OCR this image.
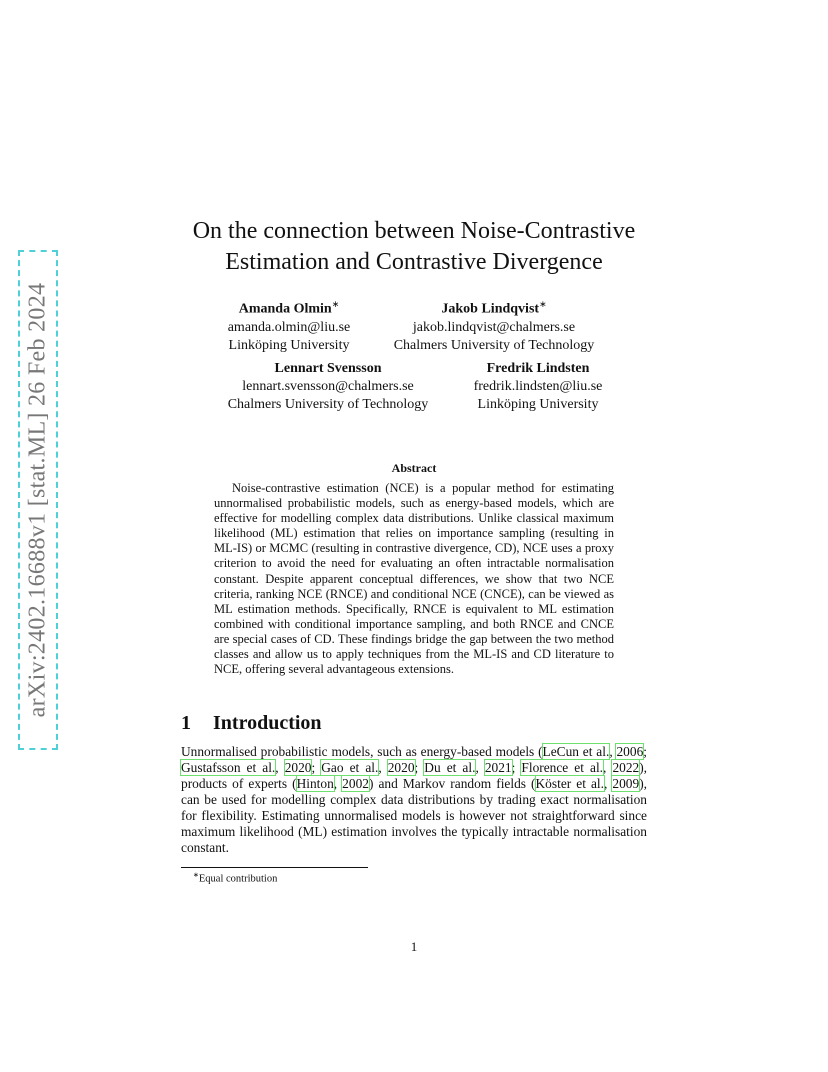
arXiv:2402.16688v1 [stat.ML] 26 Feb 2024
On the connection between Noise-Contrastive
Estimation and Contrastive Divergence
Amanda Olmin∗
amanda.olmin@liu.se
Linköping University
Jakob Lindqvist∗
jakob.lindqvist@chalmers.se
Chalmers University of Technology
Lennart Svensson
lennart.svensson@chalmers.se
Chalmers University of Technology
Fredrik Lindsten
fredrik.lindsten@liu.se
Linköping University
Abstract
Noise-contrastive estimation (NCE) is a popular method for estimating unnormalised probabilistic models, such as energy-based models, which are effective for modelling complex data distributions. Unlike classical maximum likelihood (ML) estimation that relies on importance sampling (resulting in ML-IS) or MCMC (resulting in contrastive divergence, CD), NCE uses a proxy criterion to avoid the need for evaluating an often intractable normalisation constant. Despite apparent conceptual differences, we show that two NCE criteria, ranking NCE (RNCE) and conditional NCE (CNCE), can be viewed as ML estimation methods. Specifically, RNCE is equivalent to ML estimation combined with conditional importance sampling, and both RNCE and CNCE are special cases of CD. These findings bridge the gap between the two method classes and allow us to apply techniques from the ML-IS and CD literature to NCE, offering several advantageous extensions.
1 Introduction
Unnormalised probabilistic models, such as energy-based models (LeCun et al., 2006; Gustafsson et al., 2020; Gao et al., 2020; Du et al., 2021; Florence et al., 2022), products of experts (Hinton, 2002) and Markov random fields (Köster et al., 2009), can be used for modelling complex data distributions by trading exact normalisation for flexibility. Estimating unnormalised models is however not straightforward since maximum likelihood (ML) estimation involves the typically intractable normalisation constant.
∗Equal contribution
1
